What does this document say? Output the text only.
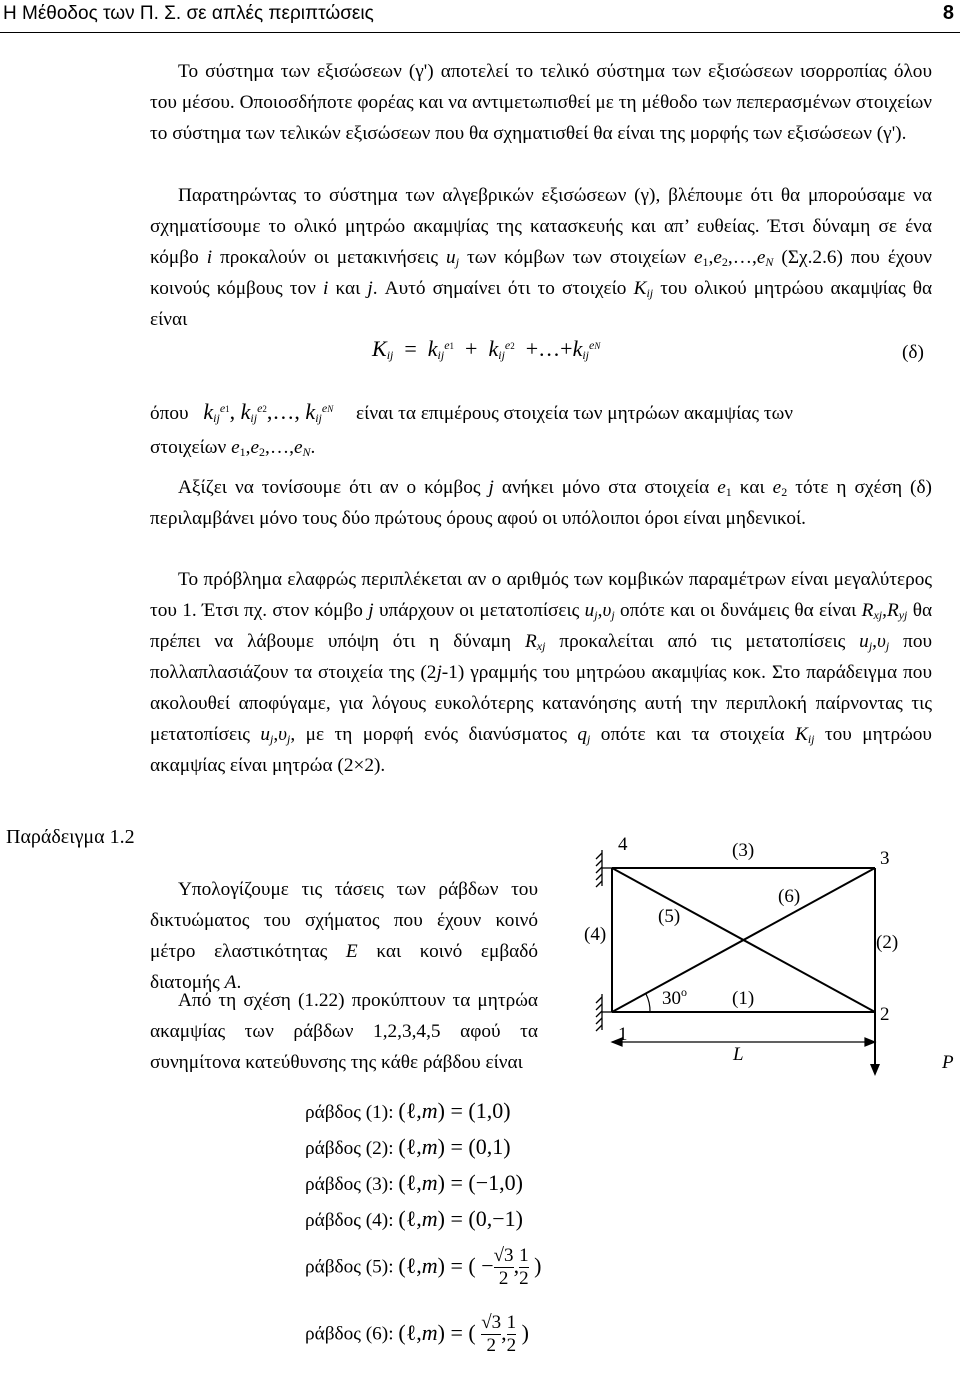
Η Μέθοδος των Π. Σ. σε απλές περιπτώσεις	8

Το σύστημα των εξισώσεων (γ') αποτελεί το τελικό σύστημα των εξισώσεων ισορροπίας όλου του μέσου. Οποιοσδήποτε φορέας και να αντιμετωπισθεί με τη μέθοδο των πεπερασμένων στοιχείων το σύστημα των τελικών εξισώσεων που θα σχηματισθεί θα είναι της μορφής των εξισώσεων (γ').

Παρατηρώντας το σύστημα των αλγεβρικών εξισώσεων (γ), βλέπουμε ότι θα μπορούσαμε να σχηματίσουμε το ολικό μητρώο ακαμψίας της κατασκευής και απ’ ευθείας. Έτσι δύναμη σε ένα κόμβο i προκαλούν οι μετακινήσεις $u_j$ των κόμβων των στοιχείων $e_1,e_2,\dots,e_N$ (Σχ.2.6) που έχουν κοινούς κόμβους τον i και j. Αυτό σημαίνει ότι το στοιχείο $K_{ij}$ του ολικού μητρώου ακαμψίας θα είναι

$K_{ij} = k_{ij}^{e1} + k_{ij}^{e2}$  $+\dots+k_{ij}^{eN}$	(δ)
όπου $k_{ij}^{e1}$, $k_{ij}^{e2},\dots$, $k_{ij}^{eN}$ είναι τα επιμέρους στοιχεία των μητρώων ακαμψίας των
στοιχείων $e_1,e_2,\dots,e_N$.

Αξίζει να τονίσουμε ότι αν ο κόμβος j ανήκει μόνο στα στοιχεία $e_1$ και $e_2$ τότε η σχέση (δ) περιλαμβάνει μόνο τους δύο πρώτους όρους αφού οι υπόλοιποι όροι είναι μηδενικοί.

Το πρόβλημα ελαφρώς περιπλέκεται αν ο αριθμός των κομβικών παραμέτρων είναι μεγαλύτερος του 1. Έτσι πχ. στον κόμβο j υπάρχουν οι μετατοπίσεις $u_j,\upsilon_j$ οπότε και οι δυνάμεις θα είναι $R_{xj},R_{yj}$ θα πρέπει να λάβουμε υπόψη ότι η δύναμη $R_{xj}$ προκαλείται από τις μετατοπίσεις $u_j,\upsilon_j$ που πολλαπλασιάζουν τα στοιχεία της (2j-1) γραμμής του μητρώου ακαμψίας κοκ. Στο παράδειγμα που ακολουθεί αποφύγαμε, για λόγους ευκολότερης κατανόησης αυτή την περιπλοκή παίρνοντας τις μετατοπίσεις $u_j,\upsilon_j$, με τη μορφή ενός διανύσματος $q_j$ οπότε και τα στοιχεία $K_{ij}$ του μητρώου ακαμψίας είναι μητρώα (2×2).

Παράδειγμα 1.2
Υπολογίζουμε τις τάσεις των ράβδων του δικτυώματος του σχήματος που έχουν κοινό μέτρο ελαστικότητας E και κοινό εμβαδό διατομής A.
Από τη σχέση (1.22) προκύπτουν τα μητρώα ακαμψίας των ράβδων 1,2,3,4,5 αφού τα συνημίτονα κατεύθυνσης της κάθε ράβδου είναι
ράβδος (1): (ℓ,m) = (1,0)
ράβδος (2): (ℓ,m) = (0,1)
ράβδος (3): (ℓ,m) = (−1,0)
ράβδος (4): (ℓ,m) = (0,−1)
ράβδος (5): (ℓ,m) = ( − $\frac{√3}{2}$ , $\frac{1}{2}$ )
ράβδος (6): (ℓ,m) = ( $\frac{√3}{2}$ , $\frac{1}{2}$ )
4
3
1
2
(3)
(2)
(4)
(5)
(6)
(1)
30$^o$
L	P
